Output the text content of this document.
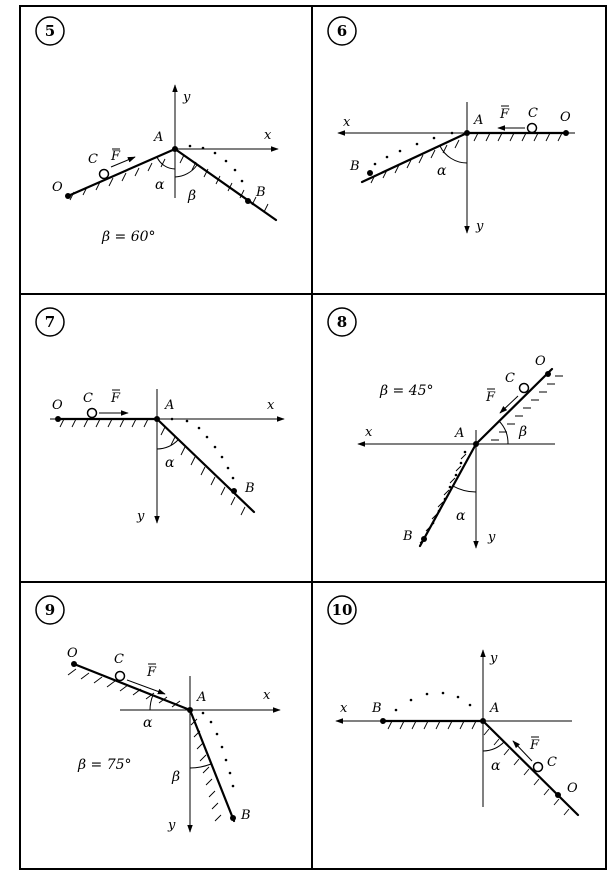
5
y
x
C F
O
A
B
α
β
β = 60°
6
y
x
F C O
A
B	α
7
y
x
C F
O	A
B
α
8
y
x
F
C
O
A
B
β
α
β = 45°
9
y
x
C
F
O
A
B
α
β
β = 75°
10
y
x
F
C
O
A
B
α
